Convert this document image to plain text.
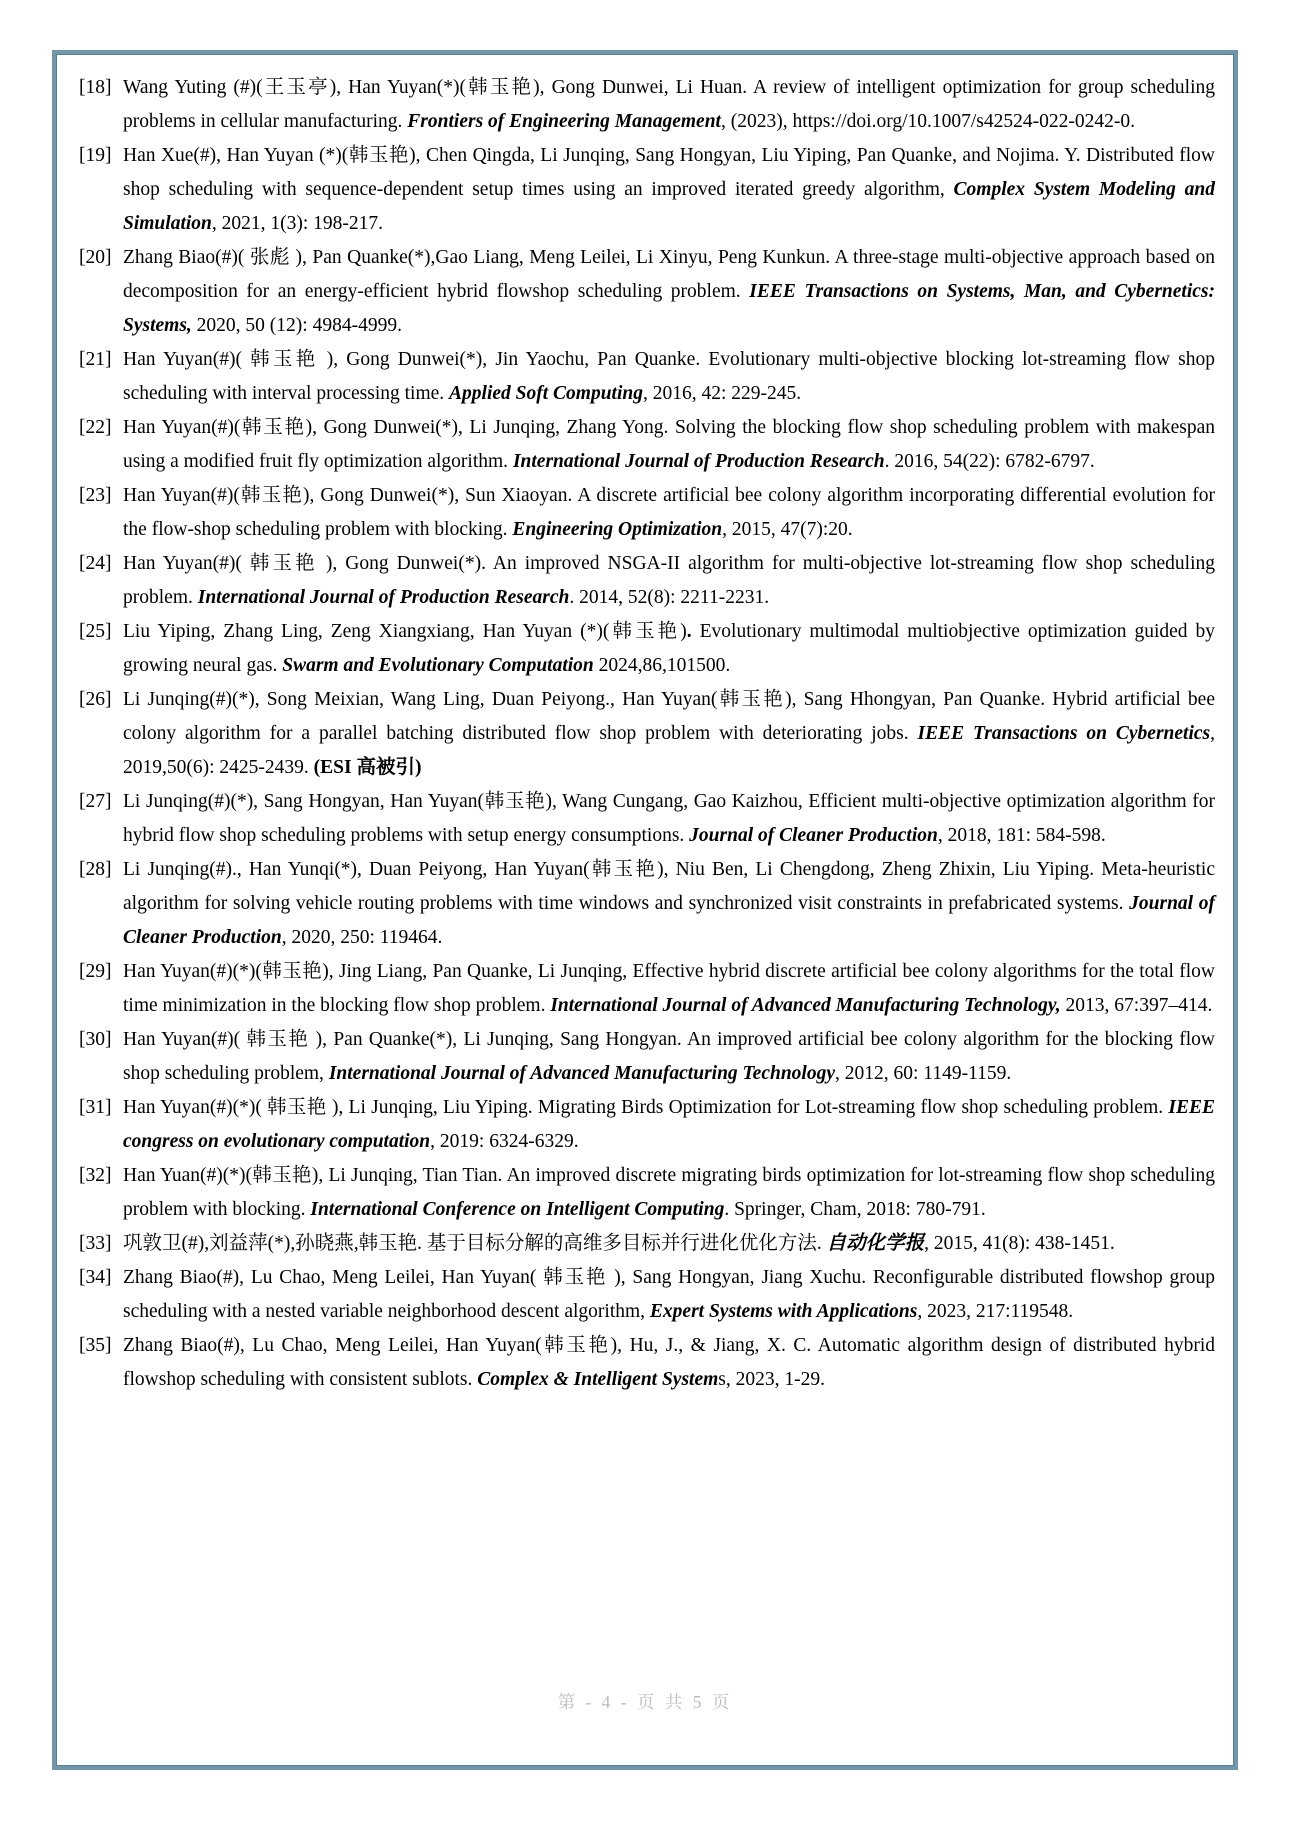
[18] Wang Yuting (#)(王玉亭), Han Yuyan(*)(韩玉艳), Gong Dunwei, Li Huan. A review of intelligent optimization for group scheduling problems in cellular manufacturing. Frontiers of Engineering Management, (2023), https://doi.org/10.1007/s42524-022-0242-0.
[19] Han Xue(#), Han Yuyan (*)(韩玉艳), Chen Qingda, Li Junqing, Sang Hongyan, Liu Yiping, Pan Quanke, and Nojima. Y. Distributed flow shop scheduling with sequence-dependent setup times using an improved iterated greedy algorithm, Complex System Modeling and Simulation, 2021, 1(3): 198-217.
[20] Zhang Biao(#)( 张彪 ), Pan Quanke(*),Gao Liang, Meng Leilei, Li Xinyu, Peng Kunkun. A three-stage multi-objective approach based on decomposition for an energy-efficient hybrid flowshop scheduling problem. IEEE Transactions on Systems, Man, and Cybernetics: Systems, 2020, 50 (12): 4984-4999.
[21] Han Yuyan(#)( 韩玉艳 ), Gong Dunwei(*), Jin Yaochu, Pan Quanke. Evolutionary multi-objective blocking lot-streaming flow shop scheduling with interval processing time. Applied Soft Computing, 2016, 42: 229-245.
[22] Han Yuyan(#)(韩玉艳), Gong Dunwei(*), Li Junqing, Zhang Yong. Solving the blocking flow shop scheduling problem with makespan using a modified fruit fly optimization algorithm. International Journal of Production Research. 2016, 54(22): 6782-6797.
[23] Han Yuyan(#)(韩玉艳), Gong Dunwei(*), Sun Xiaoyan. A discrete artificial bee colony algorithm incorporating differential evolution for the flow-shop scheduling problem with blocking. Engineering Optimization, 2015, 47(7):20.
[24] Han Yuyan(#)( 韩玉艳 ), Gong Dunwei(*). An improved NSGA-II algorithm for multi-objective lot-streaming flow shop scheduling problem. International Journal of Production Research. 2014, 52(8): 2211-2231.
[25] Liu Yiping, Zhang Ling, Zeng Xiangxiang, Han Yuyan (*)(韩玉艳). Evolutionary multimodal multiobjective optimization guided by growing neural gas. Swarm and Evolutionary Computation 2024,86,101500.
[26] Li Junqing(#)(*), Song Meixian, Wang Ling, Duan Peiyong., Han Yuyan(韩玉艳), Sang Hhongyan, Pan Quanke. Hybrid artificial bee colony algorithm for a parallel batching distributed flow shop problem with deteriorating jobs. IEEE Transactions on Cybernetics, 2019,50(6): 2425-2439. (ESI 高被引)
[27] Li Junqing(#)(*), Sang Hongyan, Han Yuyan(韩玉艳), Wang Cungang, Gao Kaizhou, Efficient multi-objective optimization algorithm for hybrid flow shop scheduling problems with setup energy consumptions. Journal of Cleaner Production, 2018, 181: 584-598.
[28] Li Junqing(#)., Han Yunqi(*), Duan Peiyong, Han Yuyan(韩玉艳), Niu Ben, Li Chengdong, Zheng Zhixin, Liu Yiping. Meta-heuristic algorithm for solving vehicle routing problems with time windows and synchronized visit constraints in prefabricated systems. Journal of Cleaner Production, 2020, 250: 119464.
[29] Han Yuyan(#)(*)(韩玉艳), Jing Liang, Pan Quanke, Li Junqing, Effective hybrid discrete artificial bee colony algorithms for the total flow time minimization in the blocking flow shop problem. International Journal of Advanced Manufacturing Technology, 2013, 67:397–414.
[30] Han Yuyan(#)( 韩玉艳 ), Pan Quanke(*), Li Junqing, Sang Hongyan. An improved artificial bee colony algorithm for the blocking flow shop scheduling problem, International Journal of Advanced Manufacturing Technology, 2012, 60: 1149-1159.
[31] Han Yuyan(#)(*)( 韩玉艳 ), Li Junqing, Liu Yiping. Migrating Birds Optimization for Lot-streaming flow shop scheduling problem. IEEE congress on evolutionary computation, 2019: 6324-6329.
[32] Han Yuan(#)(*)(韩玉艳), Li Junqing, Tian Tian. An improved discrete migrating birds optimization for lot-streaming flow shop scheduling problem with blocking. International Conference on Intelligent Computing. Springer, Cham, 2018: 780-791.
[33] 巩敦卫(#),刘益萍(*),孙晓燕,韩玉艳. 基于目标分解的高维多目标并行进化优化方法. 自动化学报, 2015, 41(8): 438-1451.
[34] Zhang Biao(#), Lu Chao, Meng Leilei, Han Yuyan( 韩玉艳 ), Sang Hongyan, Jiang Xuchu. Reconfigurable distributed flowshop group scheduling with a nested variable neighborhood descent algorithm, Expert Systems with Applications, 2023, 217:119548.
[35] Zhang Biao(#), Lu Chao, Meng Leilei, Han Yuyan(韩玉艳), Hu, J., & Jiang, X. C. Automatic algorithm design of distributed hybrid flowshop scheduling with consistent sublots. Complex & Intelligent Systems, 2023, 1-29.
第 - 4 - 页 共 5 页
